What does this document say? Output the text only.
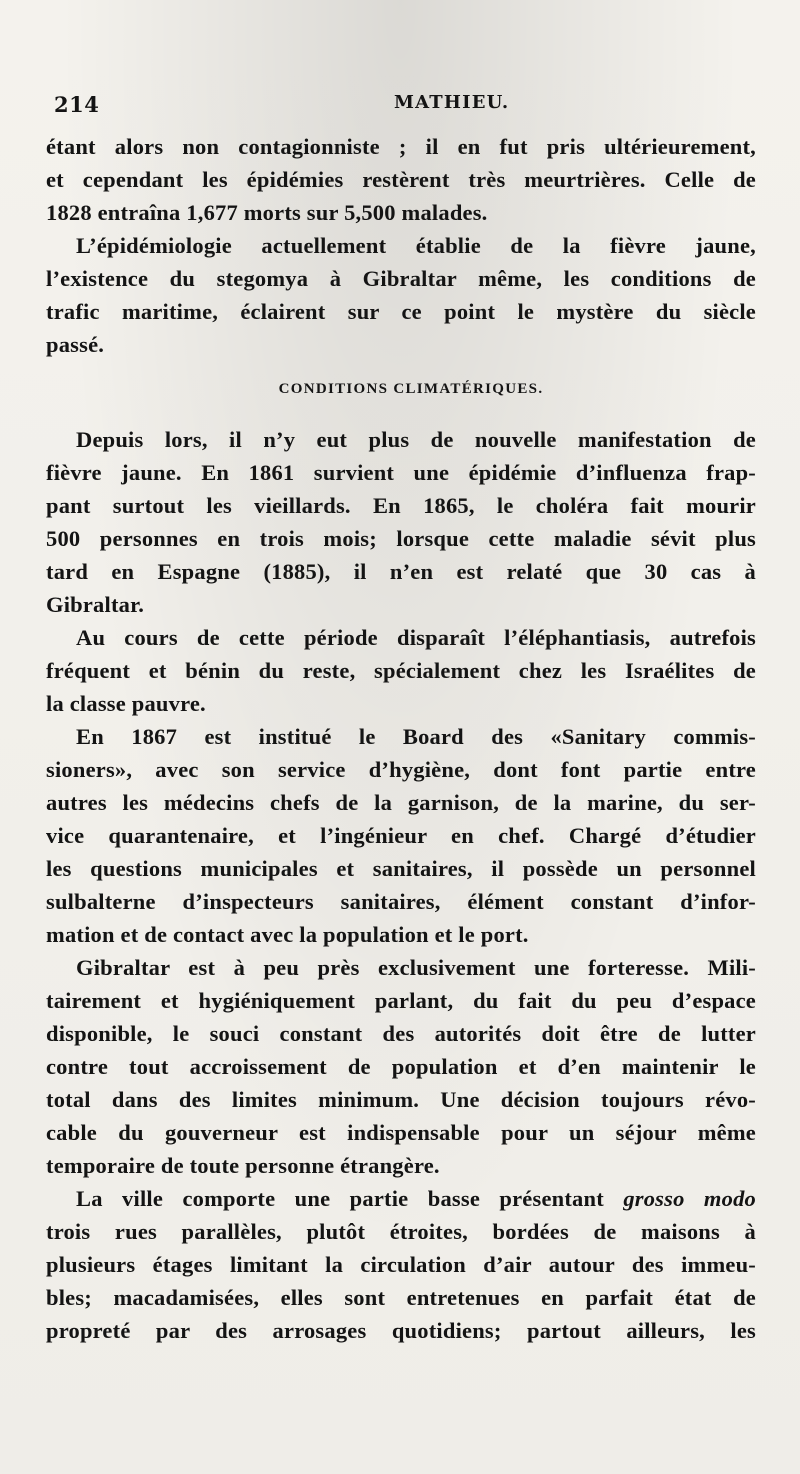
214	MATHIEU.
étant alors non contagionniste ; il en fut pris ultérieurement,
et cependant les épidémies restèrent très meurtrières. Celle de
1828 entraîna 1,677 morts sur 5,500 malades.
L’épidémiologie actuellement établie de la fièvre jaune,
l’existence du stegomya à Gibraltar même, les conditions de
trafic maritime, éclairent sur ce point le mystère du siècle
passé.
CONDITIONS CLIMATÉRIQUES.
Depuis lors, il n’y eut plus de nouvelle manifestation de
fièvre jaune. En 1861 survient une épidémie d’influenza frap-
pant surtout les vieillards. En 1865, le choléra fait mourir
500 personnes en trois mois; lorsque cette maladie sévit plus
tard en Espagne (1885), il n’en est relaté que 30 cas à
Gibraltar.
Au cours de cette période disparaît l’éléphantiasis, autrefois
fréquent et bénin du reste, spécialement chez les Israélites de
la classe pauvre.
En 1867 est institué le Board des «Sanitary commis-
sioners», avec son service d’hygiène, dont font partie entre
autres les médecins chefs de la garnison, de la marine, du ser-
vice quarantenaire, et l’ingénieur en chef. Chargé d’étudier
les questions municipales et sanitaires, il possède un personnel
sulbalterne d’inspecteurs sanitaires, élément constant d’infor-
mation et de contact avec la population et le port.
Gibraltar est à peu près exclusivement une forteresse. Mili-
tairement et hygiéniquement parlant, du fait du peu d’espace
disponible, le souci constant des autorités doit être de lutter
contre tout accroissement de population et d’en maintenir le
total dans des limites minimum. Une décision toujours révo-
cable du gouverneur est indispensable pour un séjour même
temporaire de toute personne étrangère.
La ville comporte une partie basse présentant grosso modo
trois rues parallèles, plutôt étroites, bordées de maisons à
plusieurs étages limitant la circulation d’air autour des immeu-
bles; macadamisées, elles sont entretenues en parfait état de
propreté par des arrosages quotidiens; partout ailleurs, les
